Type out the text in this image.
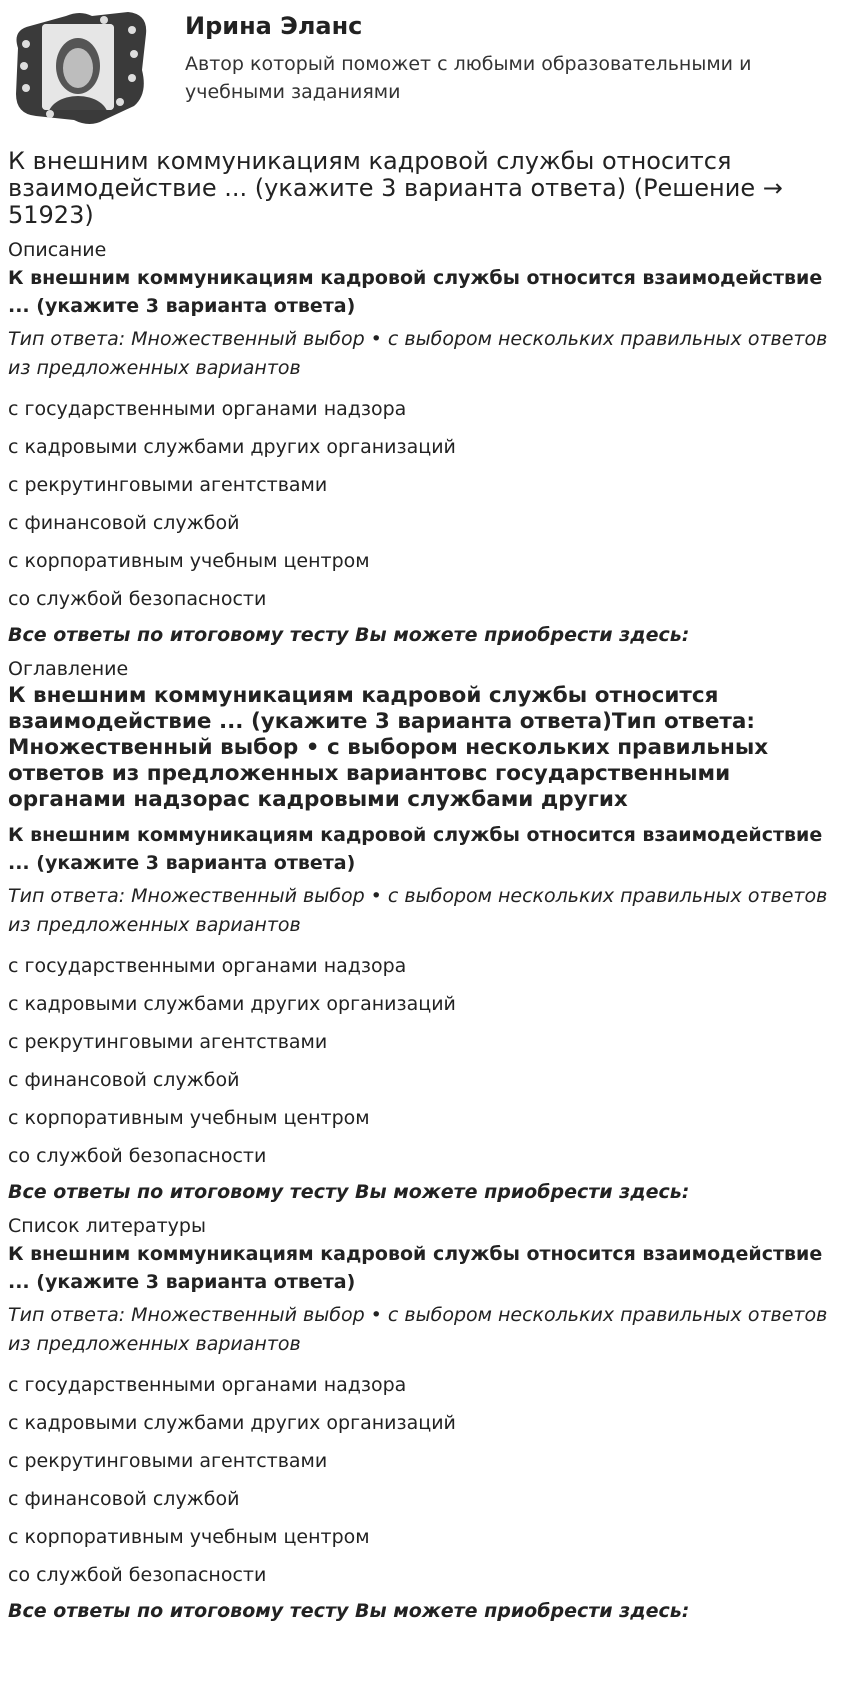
Ирина Эланс
Автор который поможет с любыми образовательными и учебными заданиями
К внешним коммуникациям кадровой службы относится взаимодействие ... (укажите 3 варианта ответа) (Решение → 51923)
Описание
К внешним коммуникациям кадровой службы относится взаимодействие ... (укажите 3 варианта ответа)
Тип ответа: Множественный выбор • с выбором нескольких правильных ответов из предложенных вариантов
с государственными органами надзора
с кадровыми службами других организаций
с рекрутинговыми агентствами
с финансовой службой
с корпоративным учебным центром
со службой безопасности
Все ответы по итоговому тесту Вы можете приобрести здесь:
Оглавление
К внешним коммуникациям кадровой службы относится взаимодействие ... (укажите 3 варианта ответа)Тип ответа: Множественный выбор • с выбором нескольких правильных ответов из предложенных вариантовс государственными органами надзорас кадровыми службами других
К внешним коммуникациям кадровой службы относится взаимодействие ... (укажите 3 варианта ответа)
Тип ответа: Множественный выбор • с выбором нескольких правильных ответов из предложенных вариантов
с государственными органами надзора
с кадровыми службами других организаций
с рекрутинговыми агентствами
с финансовой службой
с корпоративным учебным центром
со службой безопасности
Все ответы по итоговому тесту Вы можете приобрести здесь:
Список литературы
К внешним коммуникациям кадровой службы относится взаимодействие ... (укажите 3 варианта ответа)
Тип ответа: Множественный выбор • с выбором нескольких правильных ответов из предложенных вариантов
с государственными органами надзора
с кадровыми службами других организаций
с рекрутинговыми агентствами
с финансовой службой
с корпоративным учебным центром
со службой безопасности
Все ответы по итоговому тесту Вы можете приобрести здесь:
